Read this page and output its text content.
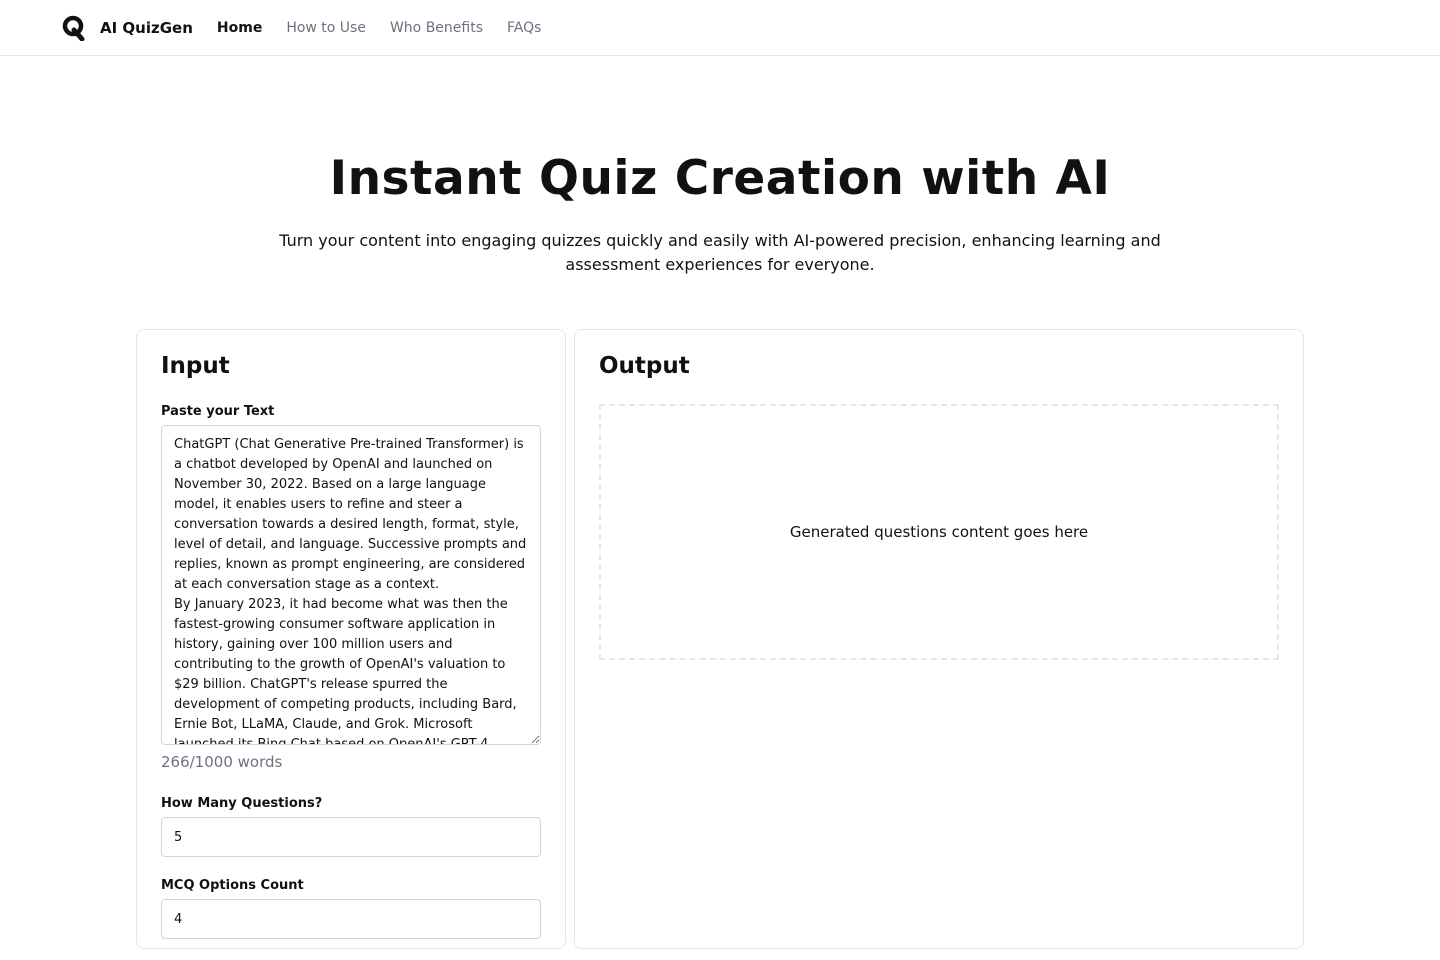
AI QuizGen Home How to Use Who Benefits FAQs
Instant Quiz Creation with AI

Turn your content into engaging quizzes quickly and easily with AI-powered precision, enhancing learning and assessment experiences for everyone.

Input
Paste your Text
ChatGPT (Chat Generative Pre-trained Transformer) is a chatbot developed by OpenAI and launched on November 30, 2022. Based on a large language model, it enables users to refine and steer a conversation towards a desired length, format, style, level of detail, and language. Successive prompts and replies, known as prompt engineering, are considered at each conversation stage as a context. By January 2023, it had become what was then the fastest-growing consumer software application in history, gaining over 100 million users and contributing to the growth of OpenAI's valuation to $29 billion. ChatGPT's release spurred the development of competing products, including Bard, Ernie Bot, LLaMA, Claude, and Grok. Microsoft launched its Bing Chat based on OpenAI's GPT-4. Some observers raised
266/1000 words
How Many Questions?
5
MCQ Options Count
4
Output
Generated questions content goes here
